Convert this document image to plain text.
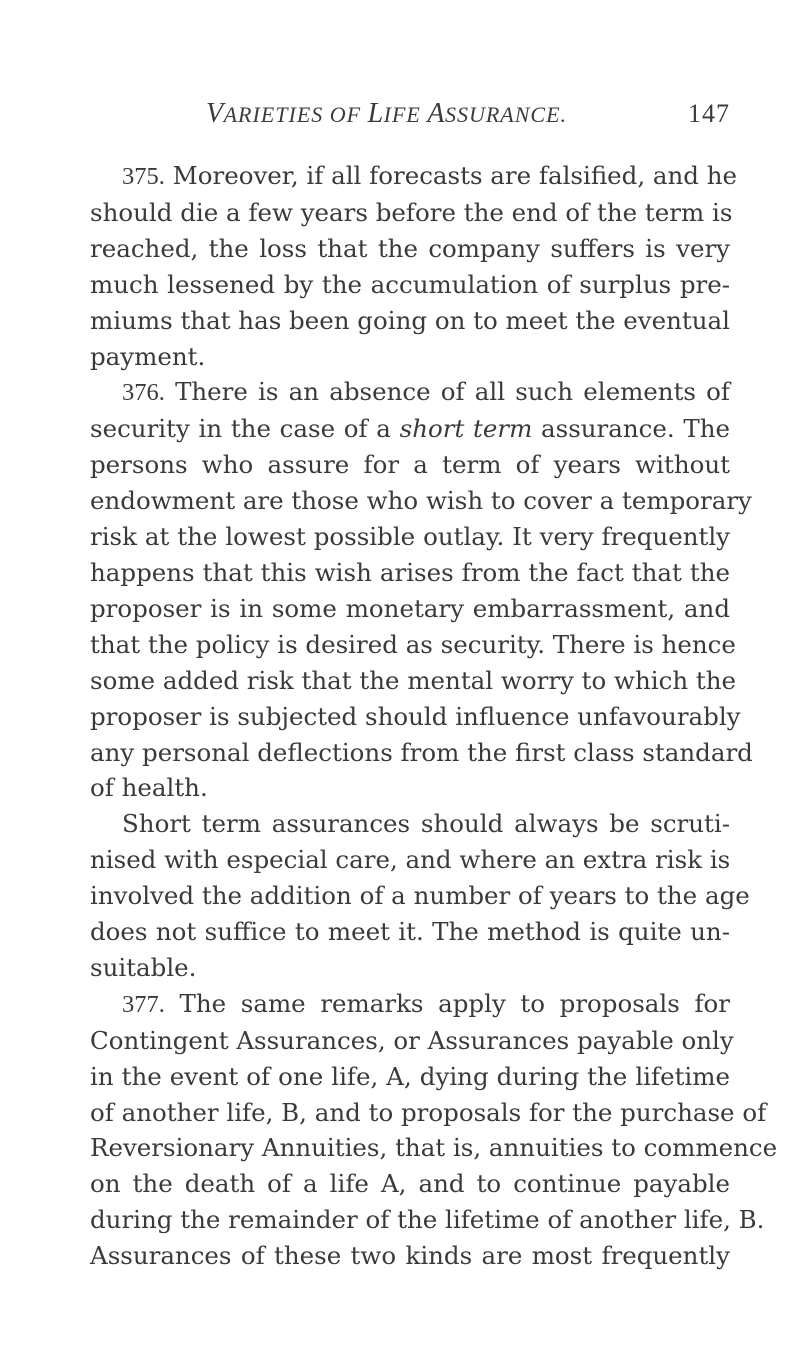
VARIETIES OF LIFE ASSURANCE.	147

375. Moreover, if all forecasts are falsified, and he
should die a few years before the end of the term is
reached, the loss that the company suffers is very
much lessened by the accumulation of surplus pre-
miums that has been going on to meet the eventual
payment.

376. There is an absence of all such elements of
security in the case of a short term assurance. The
persons who assure for a term of years without
endowment are those who wish to cover a temporary
risk at the lowest possible outlay. It very frequently
happens that this wish arises from the fact that the
proposer is in some monetary embarrassment, and
that the policy is desired as security. There is hence
some added risk that the mental worry to which the
proposer is subjected should influence unfavourably
any personal deflections from the first class standard
of health.

Short term assurances should always be scruti-
nised with especial care, and where an extra risk is
involved the addition of a number of years to the age
does not suffice to meet it. The method is quite un-
suitable.

377. The same remarks apply to proposals for
Contingent Assurances, or Assurances payable only
in the event of one life, A, dying during the lifetime
of another life, B, and to proposals for the purchase of
Reversionary Annuities, that is, annuities to commence
on the death of a life A, and to continue payable
during the remainder of the lifetime of another life, B.
Assurances of these two kinds are most frequently
